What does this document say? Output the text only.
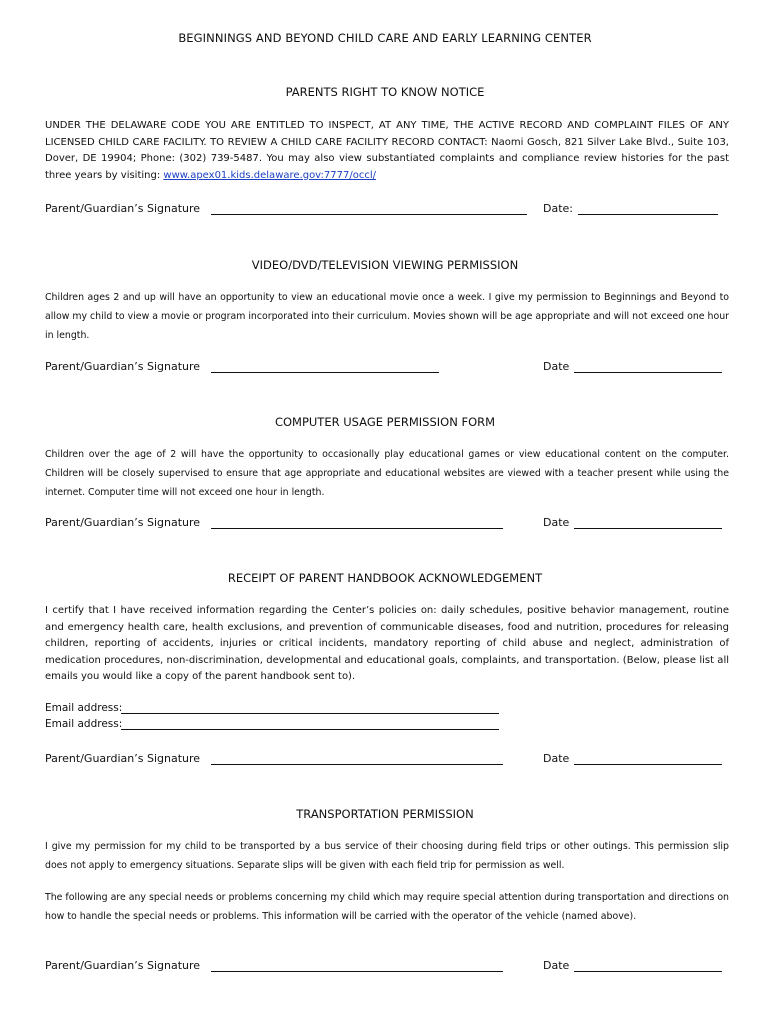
BEGINNINGS AND BEYOND CHILD CARE AND EARLY LEARNING CENTER
PARENTS RIGHT TO KNOW NOTICE
UNDER THE DELAWARE CODE YOU ARE ENTITLED TO INSPECT, AT ANY TIME, THE ACTIVE RECORD AND COMPLAINT FILES OF ANY LICENSED CHILD CARE FACILITY. TO REVIEW A CHILD CARE FACILITY RECORD CONTACT: Naomi Gosch, 821 Silver Lake Blvd., Suite 103, Dover, DE 19904; Phone: (302) 739-5487. You may also view substantiated complaints and compliance review histories for the past three years by visiting: www.apex01.kids.delaware.gov:7777/occl/
Parent/Guardian’s Signature	Date:
VIDEO/DVD/TELEVISION VIEWING PERMISSION
Children ages 2 and up will have an opportunity to view an educational movie once a week. I give my permission to Beginnings and Beyond to allow my child to view a movie or program incorporated into their curriculum. Movies shown will be age appropriate and will not exceed one hour in length.
Parent/Guardian’s Signature	Date
COMPUTER USAGE PERMISSION FORM
Children over the age of 2 will have the opportunity to occasionally play educational games or view educational content on the computer. Children will be closely supervised to ensure that age appropriate and educational websites are viewed with a teacher present while using the internet. Computer time will not exceed one hour in length.
Parent/Guardian’s Signature	Date
RECEIPT OF PARENT HANDBOOK ACKNOWLEDGEMENT
I certify that I have received information regarding the Center’s policies on: daily schedules, positive behavior management, routine and emergency health care, health exclusions, and prevention of communicable diseases, food and nutrition, procedures for releasing children, reporting of accidents, injuries or critical incidents, mandatory reporting of child abuse and neglect, administration of medication procedures, non-discrimination, developmental and educational goals, complaints, and transportation. (Below, please list all emails you would like a copy of the parent handbook sent to).
Email address:
Email address:
Parent/Guardian’s Signature	Date
TRANSPORTATION PERMISSION
I give my permission for my child to be transported by a bus service of their choosing during field trips or other outings. This permission slip does not apply to emergency situations. Separate slips will be given with each field trip for permission as well.
The following are any special needs or problems concerning my child which may require special attention during transportation and directions on how to handle the special needs or problems. This information will be carried with the operator of the vehicle (named above).
Parent/Guardian’s Signature	Date
